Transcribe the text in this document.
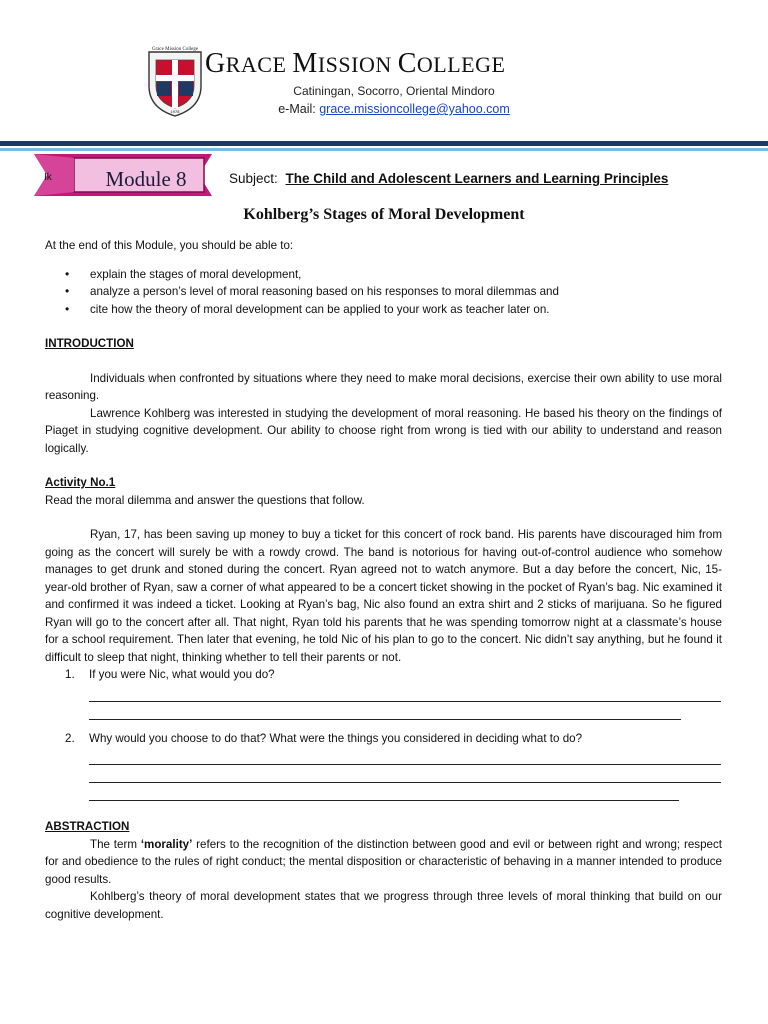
Grace Mission College
1978
GRACE MISSION COLLEGE
Catiningan, Socorro, Oriental Mindoro
e-Mail: grace.missioncollege@yahoo.com
Ik	Module 8	Subject: The Child and Adolescent Learners and Learning Principles
Kohlberg’s Stages of Moral Development

At the end of this Module, you should be able to:

• explain the stages of moral development,
• analyze a person’s level of moral reasoning based on his responses to moral dilemmas and
• cite how the theory of moral development can be applied to your work as teacher later on.

INTRODUCTION

Individuals when confronted by situations where they need to make moral decisions, exercise their own ability to use moral reasoning.

Lawrence Kohlberg was interested in studying the development of moral reasoning. He based his theory on the findings of Piaget in studying cognitive development. Our ability to choose right from wrong is tied with our ability to understand and reason logically.

Activity No.1

Read the moral dilemma and answer the questions that follow.

Ryan, 17, has been saving up money to buy a ticket for this concert of rock band. His parents have discouraged him from going as the concert will surely be with a rowdy crowd. The band is notorious for having out-of-control audience who somehow manages to get drunk and stoned during the concert. Ryan agreed not to watch anymore. But a day before the concert, Nic, 15-year-old brother of Ryan, saw a corner of what appeared to be a concert ticket showing in the pocket of Ryan’s bag. Nic examined it and confirmed it was indeed a ticket. Looking at Ryan’s bag, Nic also found an extra shirt and 2 sticks of marijuana. So he figured Ryan will go to the concert after all. That night, Ryan told his parents that he was spending tomorrow night at a classmate’s house for a school requirement. Then later that evening, he told Nic of his plan to go to the concert. Nic didn’t say anything, but he found it difficult to sleep that night, thinking whether to tell their parents or not.

1.	If you were Nic, what would you do?
2.	Why would you choose to do that? What were the things you considered in deciding what to do?

ABSTRACTION

The term ‘morality’ refers to the recognition of the distinction between good and evil or between right and wrong; respect for and obedience to the rules of right conduct; the mental disposition or characteristic of behaving in a manner intended to produce good results.

Kohlberg’s theory of moral development states that we progress through three levels of moral thinking that build on our cognitive development.
